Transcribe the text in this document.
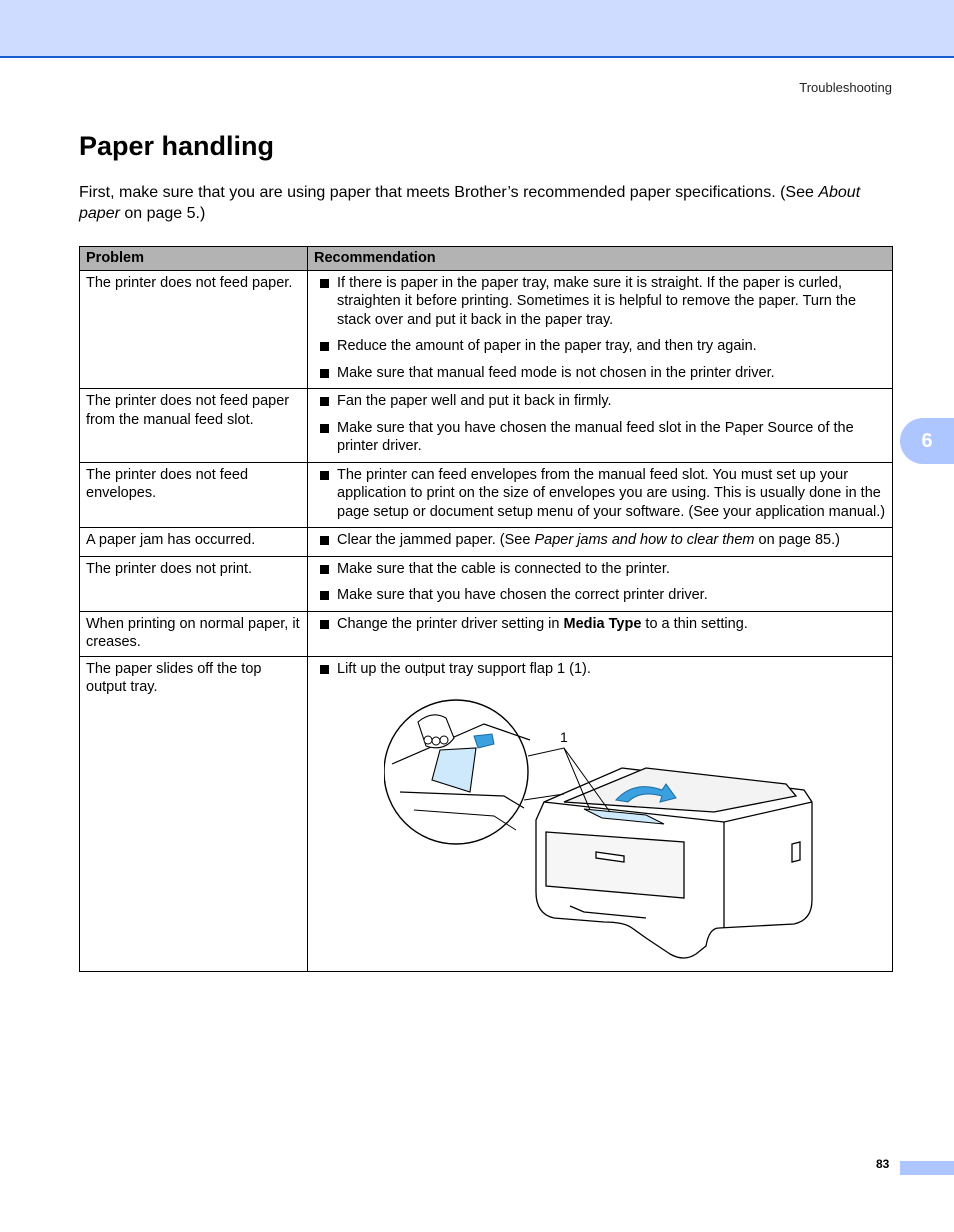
Troubleshooting
Paper handling

First, make sure that you are using paper that meets Brother’s recommended paper specifications. (See About paper on page 5.)

6
Problem	Recommendation
The printer does not feed paper.	If there is paper in the paper tray, make sure it is straight. If the paper is curled, straighten it before printing. Sometimes it is helpful to remove the paper. Turn the stack over and put it back in the paper tray.
Reduce the amount of paper in the paper tray, and then try again.
Make sure that manual feed mode is not chosen in the printer driver.

The printer does not feed paper from the manual feed slot.	Fan the paper well and put it back in firmly.
Make sure that you have chosen the manual feed slot in the Paper Source of the printer driver.

The printer does not feed envelopes.	The printer can feed envelopes from the manual feed slot. You must set up your application to print on the size of envelopes you are using. This is usually done in the page setup or document setup menu of your software. (See your application manual.)

A paper jam has occurred.	Clear the jammed paper. (See Paper jams and how to clear them on page 85.)

The printer does not print.	Make sure that the cable is connected to the printer.
Make sure that you have chosen the correct printer driver.

When printing on normal paper, it creases.	Change the printer driver setting in Media Type to a thin setting.

The paper slides off the top output tray.	Lift up the output tray support flap 1 (1).
1
83
